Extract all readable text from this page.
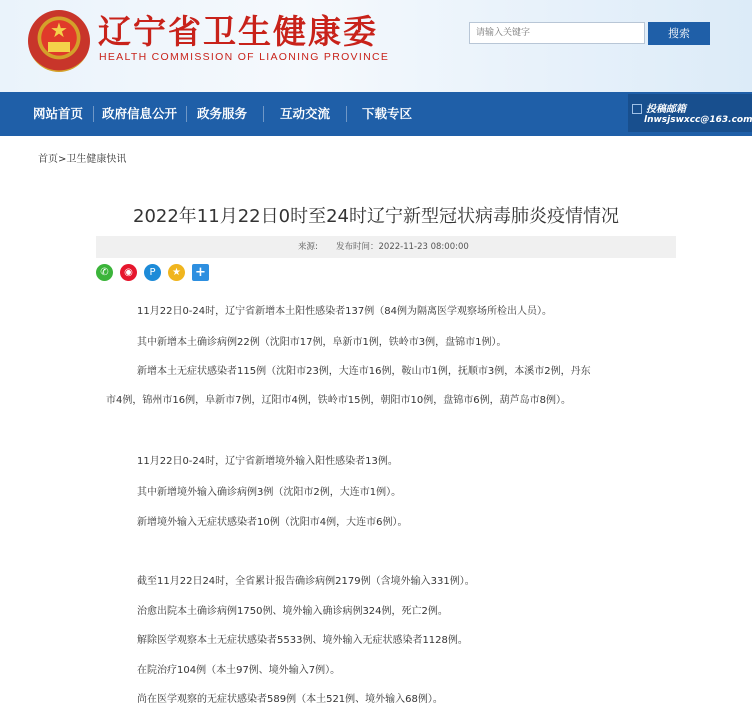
★ 辽宁省卫生健康委
HEALTH COMMISSION OF LIAONING PROVINCE
请输入关键字
搜索
网站首页 政府信息公开 政务服务	互动交流	下载专区	投稿邮箱
lnwsjswxcc@163.com
首页>卫生健康快讯
2022年11月22日0时至24时辽宁新型冠状病毒肺炎疫情情况
来源: 发布时间：2022-11-23 08:00:00
✆	◉	P	★	+
11月22日0-24时，辽宁省新增本土阳性感染者137例（84例为隔离医学观察场所检出人员）。
其中新增本土确诊病例22例（沈阳市17例，阜新市1例，铁岭市3例，盘锦市1例）。
新增本土无症状感染者115例（沈阳市23例，大连市16例，鞍山市1例，抚顺市3例，本溪市2例，丹东
市4例，锦州市16例，阜新市7例，辽阳市4例，铁岭市15例，朝阳市10例，盘锦市6例，葫芦岛市8例）。
11月22日0-24时，辽宁省新增境外输入阳性感染者13例。
其中新增境外输入确诊病例3例（沈阳市2例，大连市1例）。
新增境外输入无症状感染者10例（沈阳市4例，大连市6例）。
截至11月22日24时，全省累计报告确诊病例2179例（含境外输入331例）。
治愈出院本土确诊病例1750例、境外输入确诊病例324例，死亡2例。
解除医学观察本土无症状感染者5533例、境外输入无症状感染者1128例。
在院治疗104例（本土97例、境外输入7例）。
尚在医学观察的无症状感染者589例（本土521例、境外输入68例）。
